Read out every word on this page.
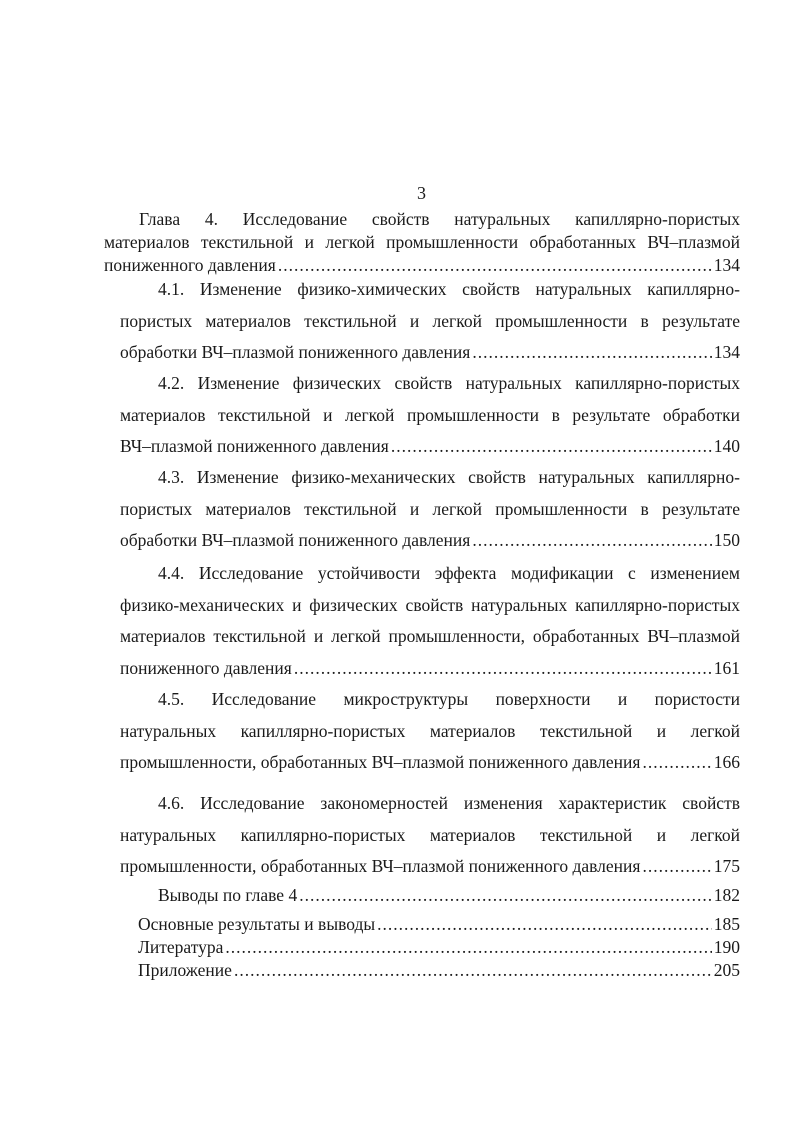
3
Глава 4. Исследование свойств натуральных капиллярно-пористых
материалов текстильной и легкой промышленности обработанных ВЧ–плазмой
пониженного давления .....	134
4.1. Изменение физико-химических свойств натуральных капиллярно-
пористых материалов текстильной и легкой промышленности в результате
обработки ВЧ–плазмой пониженного давления .....	134
4.2. Изменение физических свойств натуральных капиллярно-пористых
материалов текстильной и легкой промышленности в результате обработки
ВЧ–плазмой пониженного давления .....	140
4.3. Изменение физико-механических свойств натуральных капиллярно-
пористых материалов текстильной и легкой промышленности в результате
обработки ВЧ–плазмой пониженного давления .....	150
4.4. Исследование устойчивости эффекта модификации с изменением
физико-механических и физических свойств натуральных капиллярно-пористых
материалов текстильной и легкой промышленности, обработанных ВЧ–плазмой
пониженного давления .....	161
4.5. Исследование микроструктуры поверхности и пористости
натуральных капиллярно-пористых материалов текстильной и легкой
промышленности, обработанных ВЧ–плазмой пониженного давления .....	166
4.6. Исследование закономерностей изменения характеристик свойств
натуральных капиллярно-пористых материалов текстильной и легкой
промышленности, обработанных ВЧ–плазмой пониженного давления .....	175
Выводы по главе 4 .....	182
Основные результаты и выводы .....	185
Литература .....	190
Приложение .....	205
